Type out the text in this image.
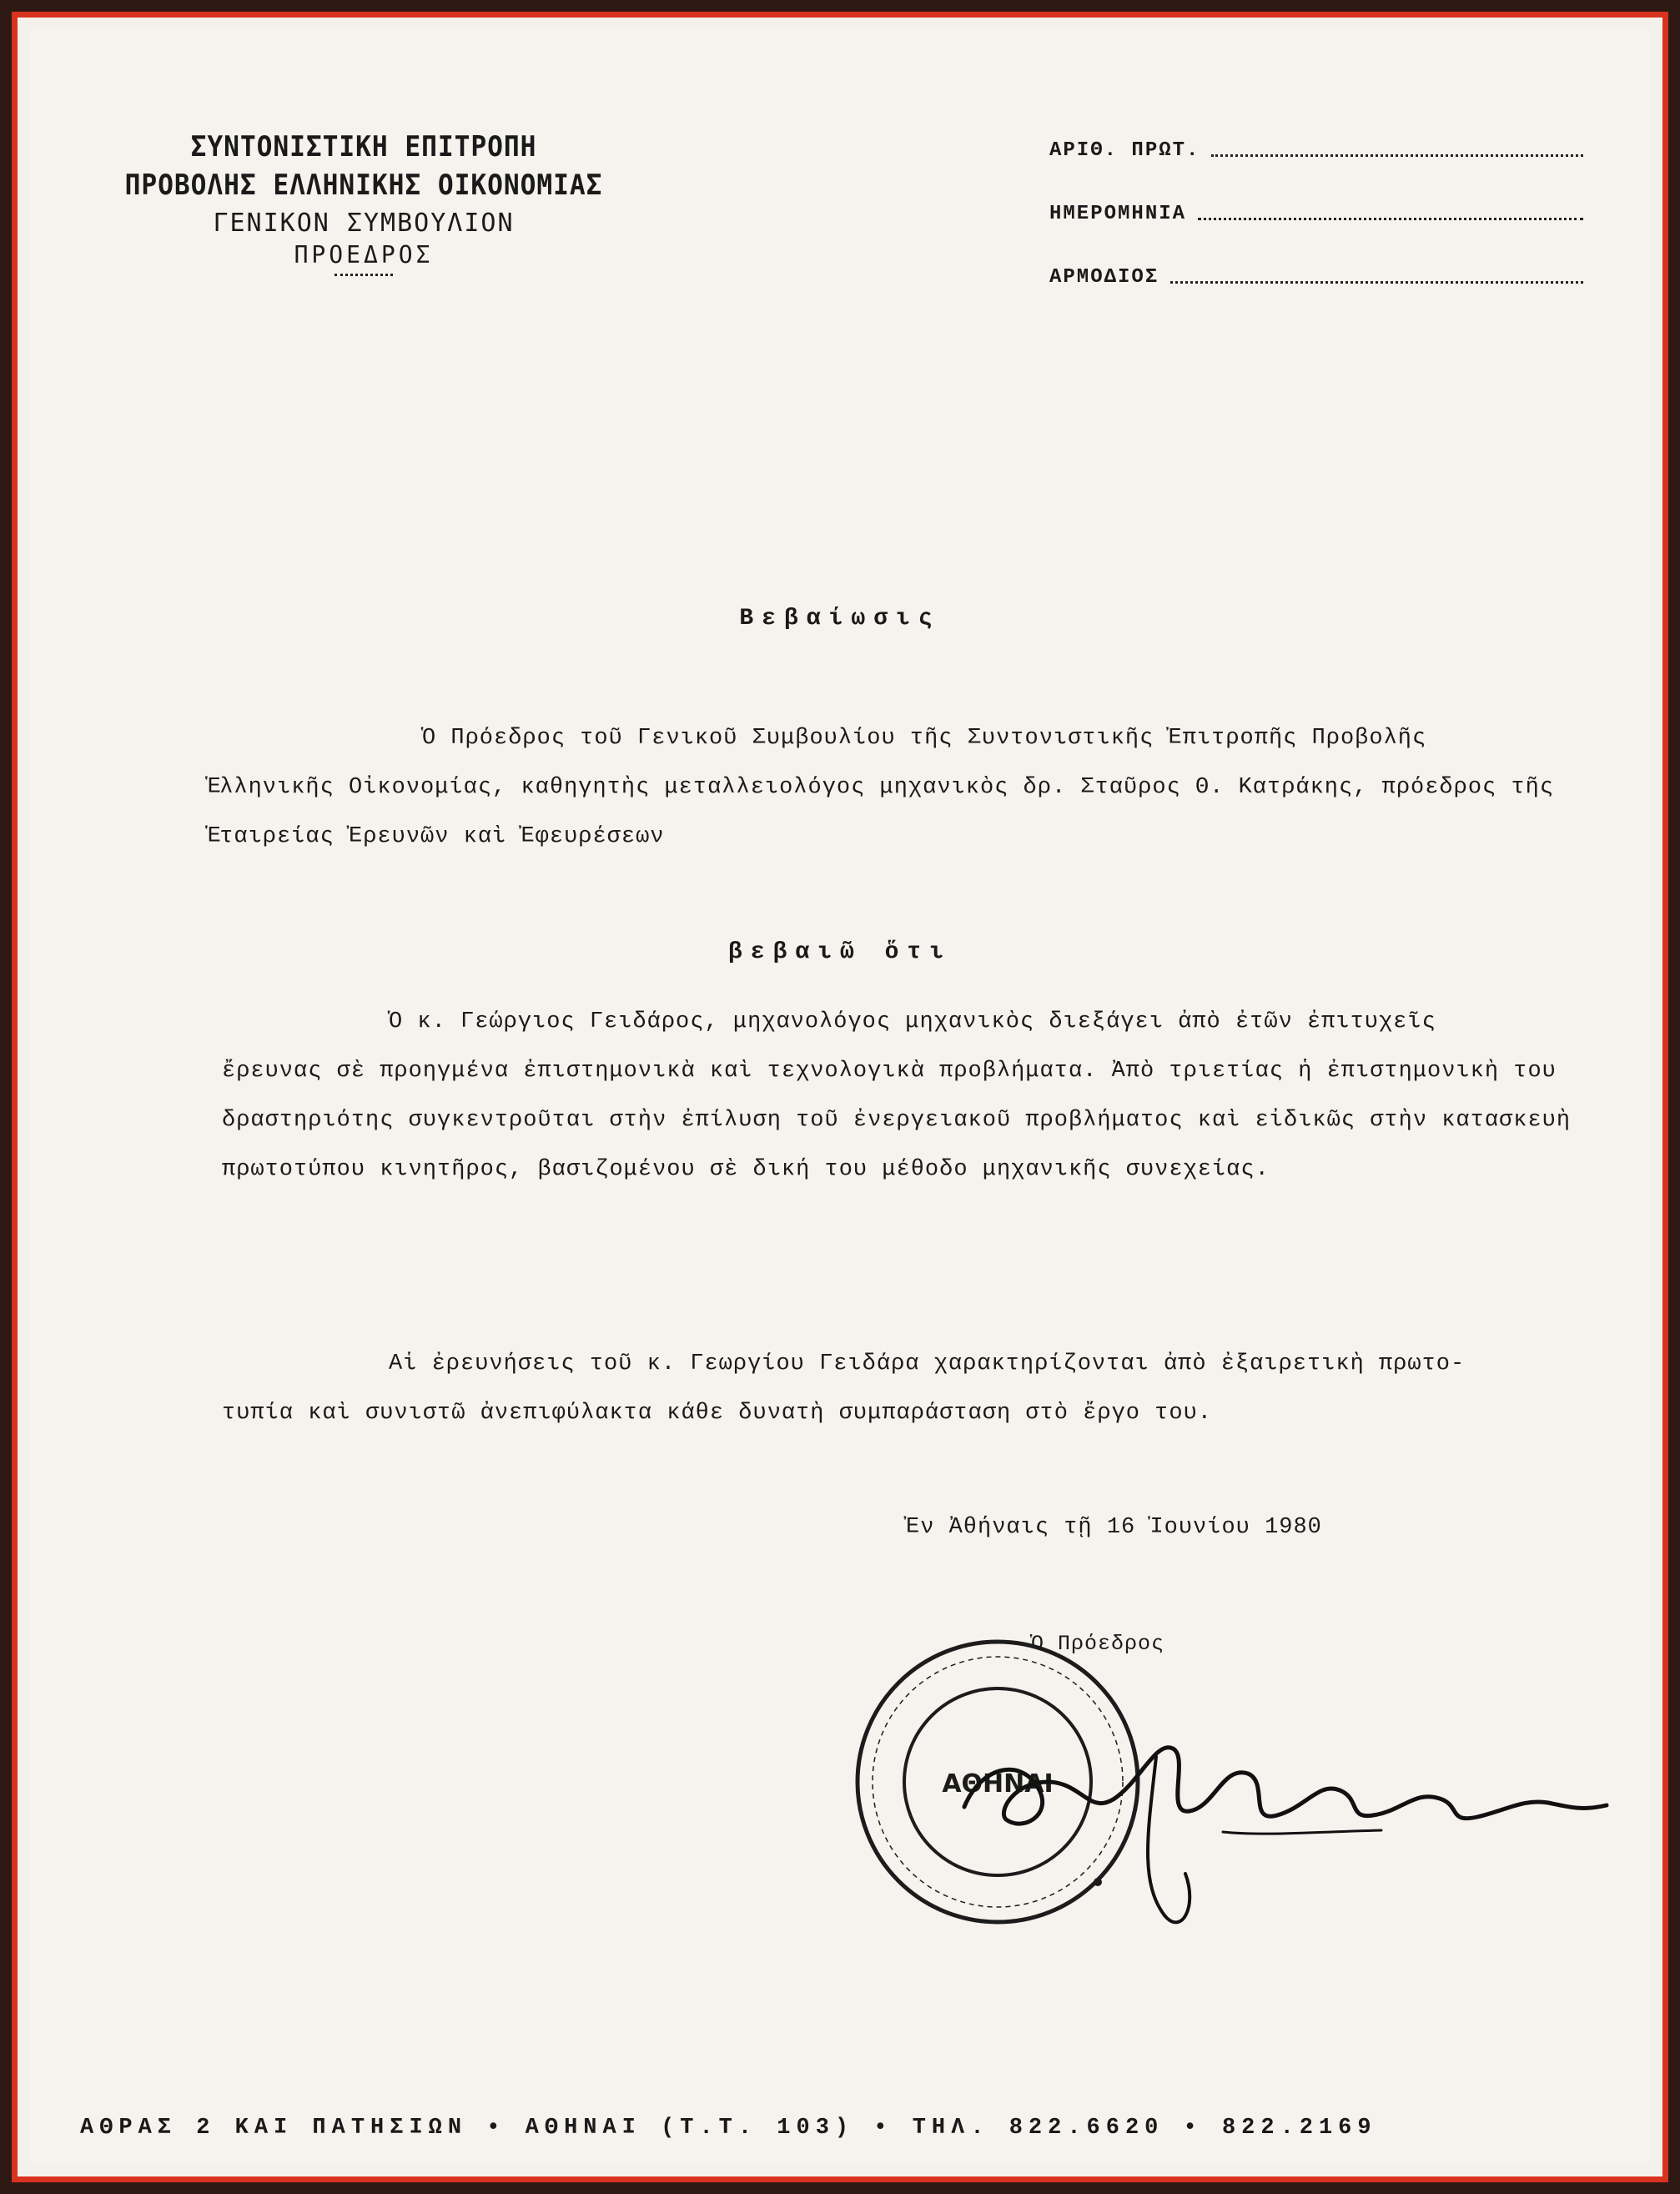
ΣΥΝΤΟΝΙΣΤΙΚΗ ΕΠΙΤΡΟΠΗ
ΠΡΟΒΟΛΗΣ ΕΛΛΗΝΙΚΗΣ ΟΙΚΟΝΟΜΙΑΣ
ΓΕΝΙΚΟΝ ΣΥΜΒΟΥΛΙΟΝ
ΠΡΟΕΔΡΟΣ
ΑΡΙΘ. ΠΡΩΤ.
ΗΜΕΡΟΜΗΝΙΑ
ΑΡΜΟΔΙΟΣ
Βεβαίωσις
Ὁ Πρόεδρος τοῦ Γενικοῦ Συμβουλίου τῆς Συντονιστικῆς Ἐπιτροπῆς Προβολῆς
Ἑλληνικῆς Οἰκονομίας, καθηγητὴς μεταλλειολόγος μηχανικὸς δρ. Σταῦρος Θ. Κατράκης, πρόεδρος τῆς Ἑταιρείας Ἐρευνῶν καὶ Ἐφευρέσεων
βεβαιῶ ὅτι
Ὁ κ. Γεώργιος Γειδάρος, μηχανολόγος μηχανικὸς διεξάγει ἀπὸ ἐτῶν ἐπιτυχεῖς
ἔρευνας σὲ προηγμένα ἐπιστημονικὰ καὶ τεχνολογικὰ προβλήματα. Ἀπὸ τριετίας ἡ ἐπιστημονικὴ του δραστηριότης συγκεντροῦται στὴν ἐπίλυση τοῦ ἐνεργειακοῦ προβλήματος καὶ εἰδικῶς στὴν κατασκευὴ πρωτοτύπου κινητῆρος, βασιζομένου σὲ δική του μέθοδο μηχανικῆς συνεχείας.
Αἱ ἐρευνήσεις τοῦ κ. Γεωργίου Γειδάρα χαρακτηρίζονται ἀπὸ ἐξαιρετικὴ πρωτο-
τυπία καὶ συνιστῶ ἀνεπιφύλακτα κάθε δυνατὴ συμπαράσταση στὸ ἔργο του.
Ἐν Ἀθήναις τῇ 16 Ἰουνίου 1980
Ὁ Πρόεδρος
ΑΘΗΝΑΙ
ΑΘΡΑΣ 2 ΚΑΙ ΠΑΤΗΣΙΩΝ • ΑΘΗΝΑΙ (Τ.Τ. 103) • ΤΗΛ. 822.6620 • 822.2169
